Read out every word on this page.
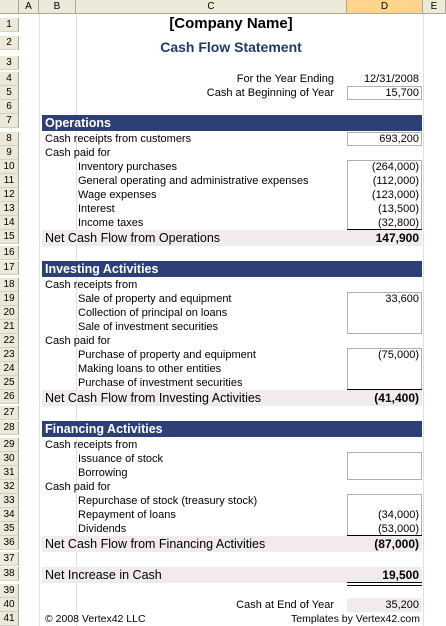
A	B	C	D	E
1
2
3
4
5
6
7
8
9
10
11
12
13
14
15
16
17
18
19
20
21
22
23
24
25
26
27
28
29
30
31
32
33
34
35
36
37
38
39
40
41
[Company Name]
Cash Flow Statement
For the Year Ending	12/31/2008
Cash at Beginning of Year	15,700
Operations
Cash receipts from customers	693,200
Cash paid for
Inventory purchases	(264,000)
General operating and administrative expenses	(112,000)
Wage expenses	(123,000)
Interest	(13,500)
Income taxes	(32,800)
Net Cash Flow from Operations	147,900
Investing Activities
Cash receipts from
Sale of property and equipment	33,600
Collection of principal on loans
Sale of investment securities
Cash paid for
Purchase of property and equipment	(75,000)
Making loans to other entities
Purchase of investment securities
Net Cash Flow from Investing Activities	(41,400)
Financing Activities
Cash receipts from
Issuance of stock
Borrowing
Cash paid for
Repurchase of stock (treasury stock)
Repayment of loans	(34,000)
Dividends	(53,000)
Net Cash Flow from Financing Activities	(87,000)
Net Increase in Cash	19,500
Cash at End of Year	35,200
© 2008 Vertex42 LLC	Templates by Vertex42.com
